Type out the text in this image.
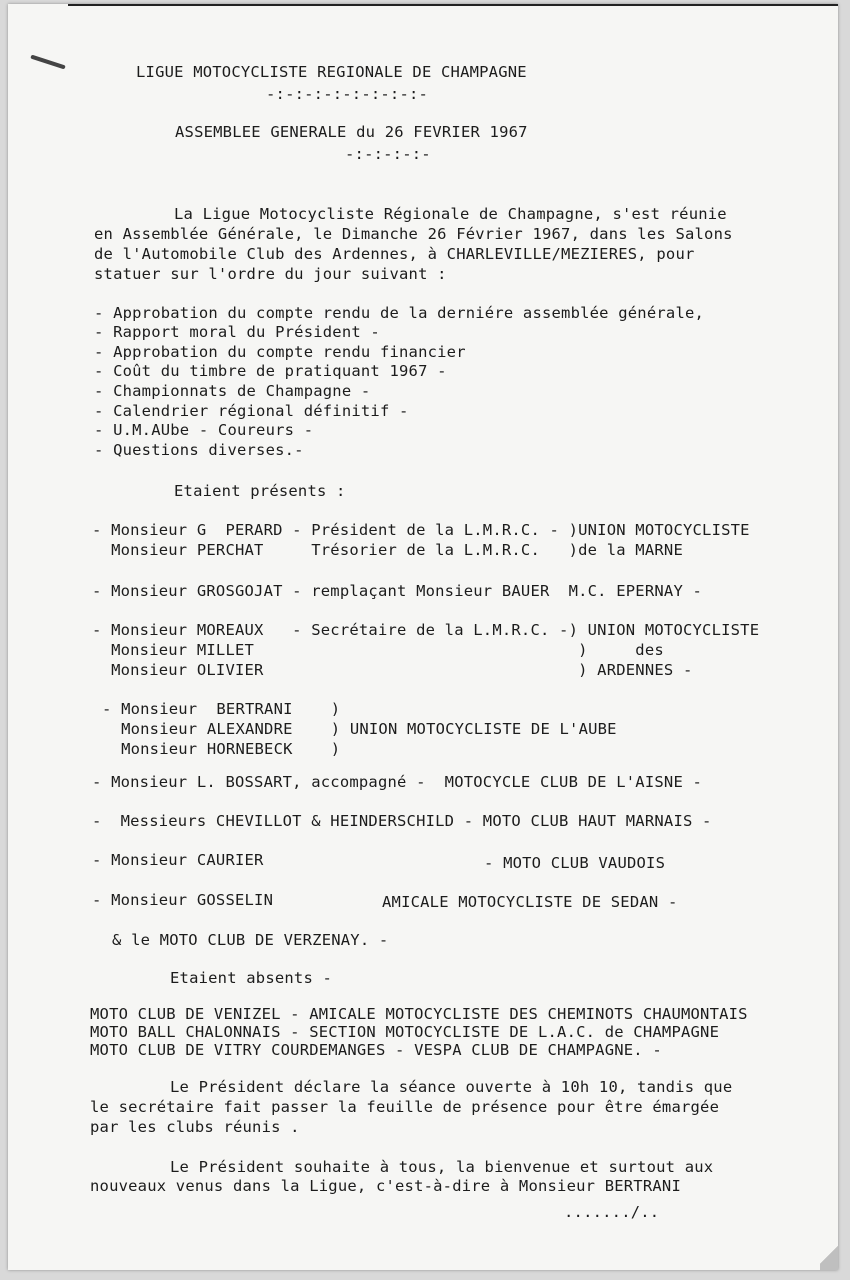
LIGUE MOTOCYCLISTE REGIONALE DE CHAMPAGNE
-:-:-:-:-:-:-:-:-
ASSEMBLEE GENERALE du 26 FEVRIER 1967
-:-:-:-:-
La Ligue Motocycliste Régionale de Champagne, s'est réunie
en Assemblée Générale, le Dimanche 26 Février 1967, dans les Salons
de l'Automobile Club des Ardennes, à CHARLEVILLE/MEZIERES, pour
statuer sur l'ordre du jour suivant :
- Approbation du compte rendu de la derniére assemblée générale,
- Rapport moral du Président -
- Approbation du compte rendu financier
- Coût du timbre de pratiquant 1967 -
- Championnats de Champagne -
- Calendrier régional définitif -
- U.M.AUbe - Coureurs -
- Questions diverses.-
Etaient présents :
- Monsieur G  PERARD - Président de la L.M.R.C. - )UNION MOTOCYCLISTE
Monsieur PERCHAT     Trésorier de la L.M.R.C.   )de la MARNE
- Monsieur GROSGOJAT - remplaçant Monsieur BAUER  M.C. EPERNAY -
- Monsieur MOREAUX   - Secrétaire de la L.M.R.C. -) UNION MOTOCYCLISTE
Monsieur MILLET                                  )     des
Monsieur OLIVIER                                 ) ARDENNES -
- Monsieur  BERTRANI    )
Monsieur ALEXANDRE    ) UNION MOTOCYCLISTE DE L'AUBE
Monsieur HORNEBECK    )
- Monsieur L. BOSSART, accompagné -  MOTOCYCLE CLUB DE L'AISNE -
-  Messieurs CHEVILLOT & HEINDERSCHILD - MOTO CLUB HAUT MARNAIS -
- Monsieur CAURIER	- MOTO CLUB VAUDOIS
- Monsieur GOSSELIN	AMICALE MOTOCYCLISTE DE SEDAN -
& le MOTO CLUB DE VERZENAY. -
Etaient absents -
MOTO CLUB DE VENIZEL - AMICALE MOTOCYCLISTE DES CHEMINOTS CHAUMONTAIS
MOTO BALL CHALONNAIS - SECTION MOTOCYCLISTE DE L.A.C. de CHAMPAGNE
MOTO CLUB DE VITRY COURDEMANGES - VESPA CLUB DE CHAMPAGNE. -
Le Président déclare la séance ouverte à 10h 10, tandis que
le secrétaire fait passer la feuille de présence pour être émargée
par les clubs réunis .
Le Président souhaite à tous, la bienvenue et surtout aux
nouveaux venus dans la Ligue, c'est-à-dire à Monsieur BERTRANI
......./..
